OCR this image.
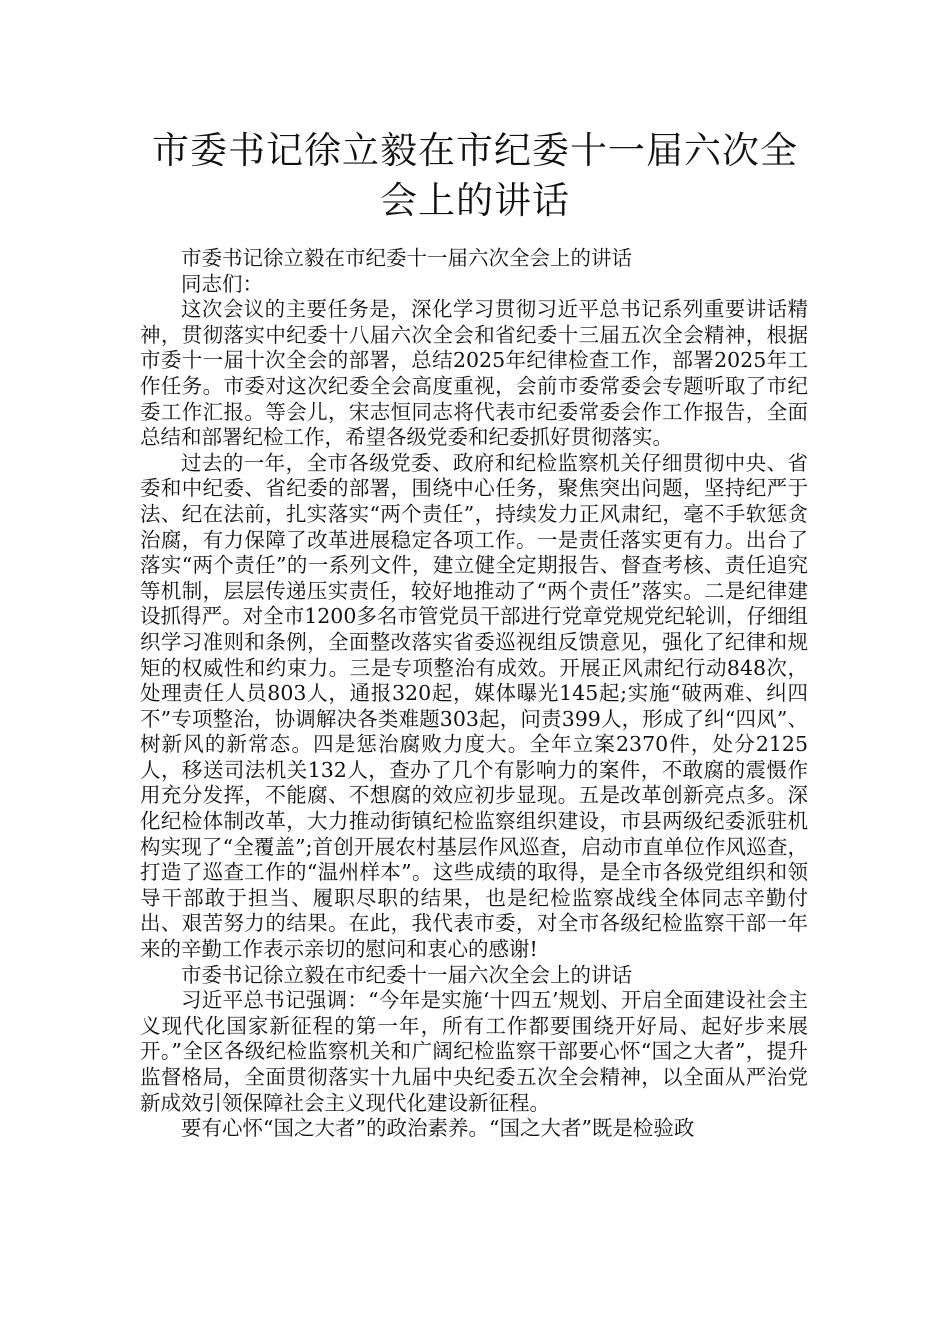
市委书记徐立毅在市纪委十一届六次全会上的讲话

市委书记徐立毅在市纪委十一届六次全会上的讲话

同志们：

这次会议的主要任务是，深化学习贯彻习近平总书记系列重要讲话精神，贯彻落实中纪委十八届六次全会和省纪委十三届五次全会精神，根据市委十一届十次全会的部署，总结2025年纪律检查工作，部署2025年工作任务。市委对这次纪委全会高度重视，会前市委常委会专题听取了市纪委工作汇报。等会儿，宋志恒同志将代表市纪委常委会作工作报告，全面总结和部署纪检工作，希望各级党委和纪委抓好贯彻落实。

过去的一年，全市各级党委、政府和纪检监察机关仔细贯彻中央、省委和中纪委、省纪委的部署，围绕中心任务，聚焦突出问题，坚持纪严于法、纪在法前，扎实落实“两个责任”，持续发力正风肃纪，毫不手软惩贪治腐，有力保障了改革进展稳定各项工作。一是责任落实更有力。出台了落实“两个责任”的一系列文件，建立健全定期报告、督查考核、责任追究等机制，层层传递压实责任，较好地推动了“两个责任”落实。二是纪律建设抓得严。对全市1200多名市管党员干部进行党章党规党纪轮训，仔细组织学习准则和条例，全面整改落实省委巡视组反馈意见，强化了纪律和规矩的权威性和约束力。三是专项整治有成效。开展正风肃纪行动848次，处理责任人员803人，通报320起，媒体曝光145起;实施“破两难、纠四不”专项整治，协调解决各类难题303起，问责399人，形成了纠“四风”、树新风的新常态。四是惩治腐败力度大。全年立案2370件，处分2125人，移送司法机关132人，查办了几个有影响力的案件，不敢腐的震慑作用充分发挥，不能腐、不想腐的效应初步显现。五是改革创新亮点多。深化纪检体制改革，大力推动街镇纪检监察组织建设，市县两级纪委派驻机构实现了“全覆盖”;首创开展农村基层作风巡查，启动市直单位作风巡查，打造了巡查工作的“温州样本”。这些成绩的取得，是全市各级党组织和领导干部敢于担当、履职尽职的结果，也是纪检监察战线全体同志辛勤付出、艰苦努力的结果。在此，我代表市委，对全市各级纪检监察干部一年来的辛勤工作表示亲切的慰问和衷心的感谢!

市委书记徐立毅在市纪委十一届六次全会上的讲话

习近平总书记强调：“今年是实施‘十四五’规划、开启全面建设社会主义现代化国家新征程的第一年，所有工作都要围绕开好局、起好步来展开。”全区各级纪检监察机关和广阔纪检监察干部要心怀“国之大者”，提升监督格局，全面贯彻落实十九届中央纪委五次全会精神，以全面从严治党新成效引领保障社会主义现代化建设新征程。

要有心怀“国之大者”的政治素养。“国之大者”既是检验政
